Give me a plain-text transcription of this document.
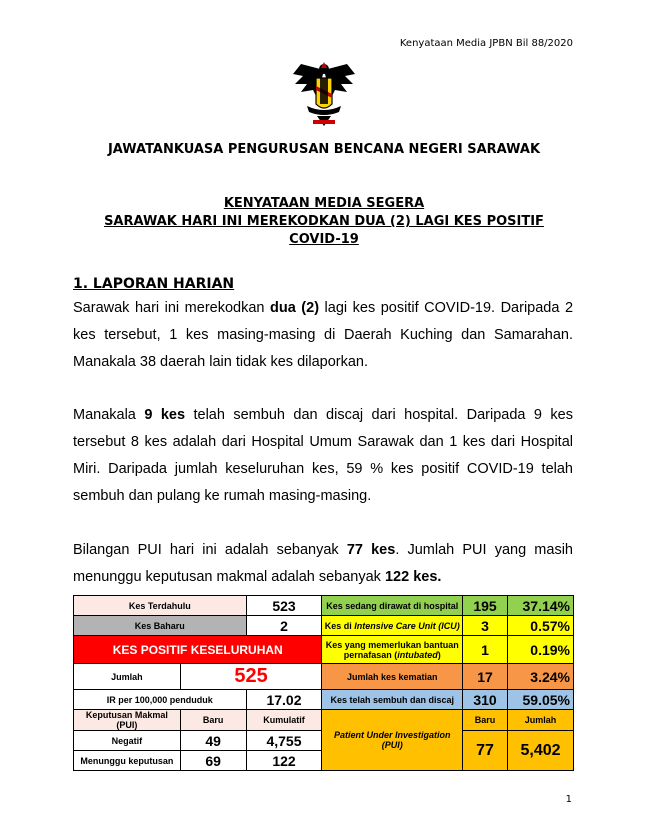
Kenyataan Media JPBN Bil 88/2020
JAWATANKUASA PENGURUSAN BENCANA NEGERI SARAWAK
KENYATAAN MEDIA SEGERA
SARAWAK HARI INI MEREKODKAN DUA (2) LAGI KES POSITIF
COVID-19
1. LAPORAN HARIAN
Sarawak hari ini merekodkan dua (2) lagi kes positif COVID-19. Daripada 2 kes tersebut, 1 kes masing-masing di Daerah Kuching dan Samarahan. Manakala 38 daerah lain tidak kes dilaporkan.
Manakala 9 kes telah sembuh dan discaj dari hospital. Daripada 9 kes tersebut 8 kes adalah dari Hospital Umum Sarawak dan 1 kes dari Hospital Miri. Daripada jumlah keseluruhan kes, 59 % kes positif COVID-19 telah sembuh dan pulang ke rumah masing-masing.
Bilangan PUI hari ini adalah sebanyak 77 kes. Jumlah PUI yang masih menunggu keputusan makmal adalah sebanyak 122 kes.
Kes Terdahulu		523	Kes sedang dirawat di hospital	195	37.14%
Kes Baharu		2	Kes di Intensive Care Unit (ICU)	3	0.57%
KES POSITIF KESELURUHAN			Kes yang memerlukan bantuan pernafasan (intubated)	1	0.19%
Jumlah	525		Jumlah kes kematian	17	3.24%
IR per 100,000 penduduk		17.02	Kes telah sembuh dan discaj	310	59.05%
Keputusan Makmal (PUI)	Baru	Kumulatif	Patient Under Investigation (PUI)	Baru	Jumlah
Negatif	49	4,755		77	5,402
Menunggu keputusan	69	122			
1
